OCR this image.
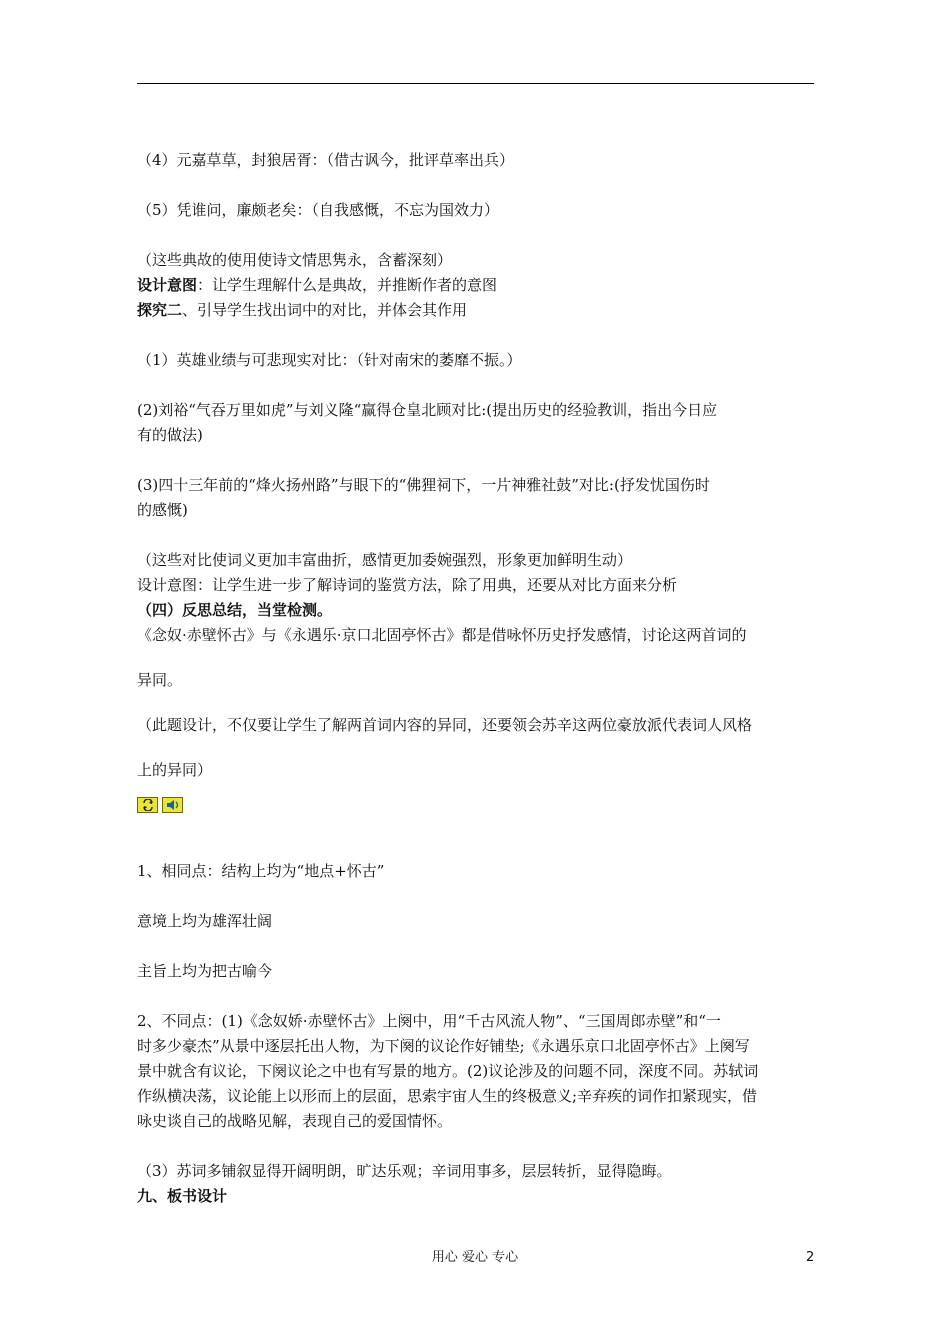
（4）元嘉草草，封狼居胥：（借古讽今，批评草率出兵）
（5）凭谁问，廉颇老矣：（自我感慨，不忘为国效力）
（这些典故的使用使诗文情思隽永，含蓄深刻）
设计意图：让学生理解什么是典故，并推断作者的意图
探究二、引导学生找出词中的对比，并体会其作用
（1）英雄业绩与可悲现实对比：（针对南宋的萎靡不振。）
(2)刘裕“气吞万里如虎”与刘义隆“赢得仓皇北顾对比:(提出历史的经验教训，指出今日应
有的做法)
(3)四十三年前的“烽火扬州路”与眼下的“佛狸祠下，一片神雅社鼓”对比:(抒发忧国伤时
的感慨)
（这些对比使词义更加丰富曲折，感情更加委婉强烈，形象更加鲜明生动）
设计意图：让学生进一步了解诗词的鉴赏方法，除了用典，还要从对比方面来分析
（四）反思总结，当堂检测。
《念奴·赤壁怀古》与《永遇乐·京口北固亭怀古》都是借咏怀历史抒发感情，讨论这两首词的
异同。
（此题设计，不仅要让学生了解两首词内容的异同，还要领会苏辛这两位豪放派代表词人风格
上的异同）
1、相同点：结构上均为“地点+怀古”
意境上均为雄浑壮阔
主旨上均为把古喻今
2、不同点：(1)《念奴娇·赤壁怀古》上阕中，用“千古风流人物”、“三国周郎赤壁”和“一
时多少豪杰”从景中逐层托出人物，为下阕的议论作好铺垫;《永遇乐京口北固亭怀古》上阕写
景中就含有议论，下阕议论之中也有写景的地方。(2)议论涉及的问题不同，深度不同。苏轼词
作纵横决荡，议论能上以形而上的层面，思索宇宙人生的终极意义;辛弃疾的词作扣紧现实，借
咏史谈自己的战略见解，表现自己的爱国情怀。
（3）苏词多铺叙显得开阔明朗，旷达乐观；辛词用事多，层层转折，显得隐晦。
九、板书设计
用心 爱心 专心	2
